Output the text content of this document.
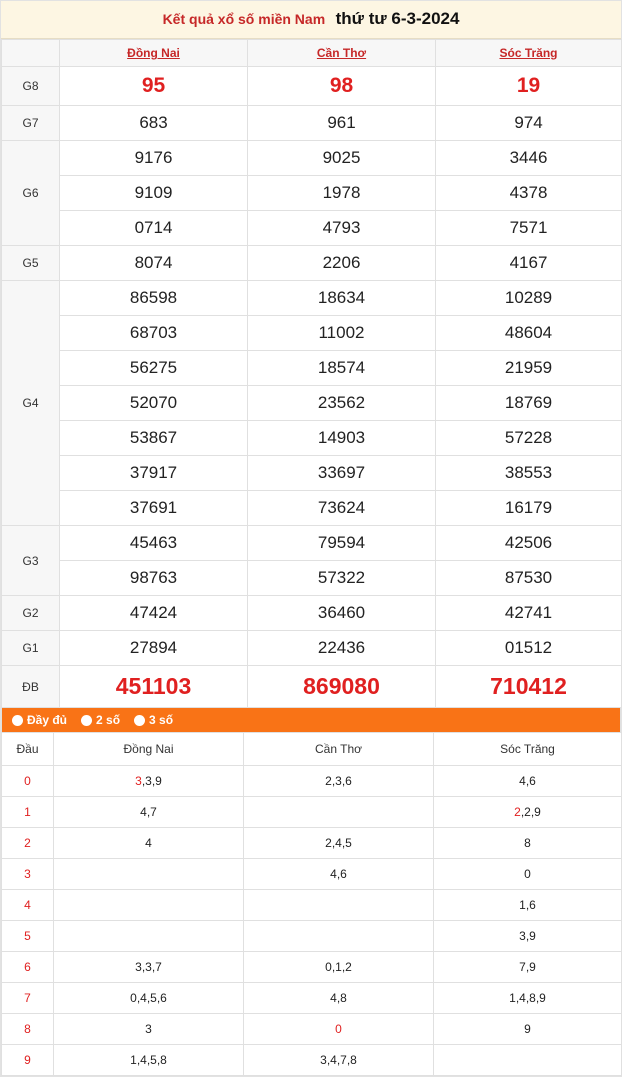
Kết quả xổ số miền Nam thứ tư 6-3-2024
	Đồng Nai	Cần Thơ	Sóc Trăng
G8	95	98	19
G7	683	961	974
G6	9176	9025	3446
	9109	1978	4378
	0714	4793	7571
G5	8074	2206	4167
G4	86598	18634	10289
	68703	11002	48604
	56275	18574	21959
	52070	23562	18769
	53867	14903	57228
	37917	33697	38553
	37691	73624	16179
G3	45463	79594	42506
	98763	57322	87530
G2	47424	36460	42741
G1	27894	22436	01512
ĐB	451103	869080	710412
Đầy đủ 2 số 3 số
Đầu	Đồng Nai	Cần Thơ	Sóc Trăng
0	3,3,9	2,3,6	4,6
1	4,7		2,2,9
2	4	2,4,5	8
3		4,6	0
4			1,6
5			3,9
6	3,3,7	0,1,2	7,9
7	0,4,5,6	4,8	1,4,8,9
8	3	0	9
9	1,4,5,8	3,4,7,8	
